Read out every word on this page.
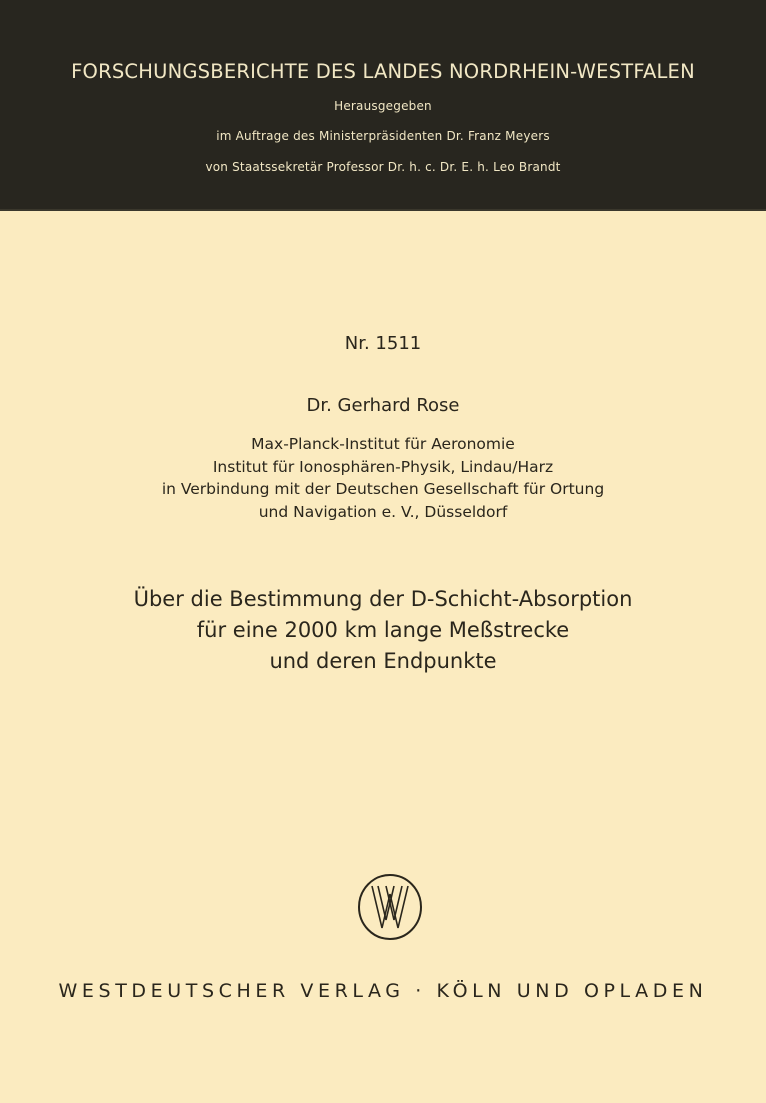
FORSCHUNGSBERICHTE DES LANDES NORDRHEIN-WESTFALEN
Herausgegeben
im Auftrage des Ministerpräsidenten Dr. Franz Meyers
von Staatssekretär Professor Dr. h. c. Dr. E. h. Leo Brandt
Nr. 1511
Dr. Gerhard Rose
Max-Planck-Institut für Aeronomie
Institut für Ionosphären-Physik, Lindau/Harz
in Verbindung mit der Deutschen Gesellschaft für Ortung
und Navigation e. V., Düsseldorf
Über die Bestimmung der D-Schicht-Absorption
für eine 2000 km lange Meßstrecke
und deren Endpunkte
WESTDEUTSCHER VERLAG · KÖLN UND OPLADEN
